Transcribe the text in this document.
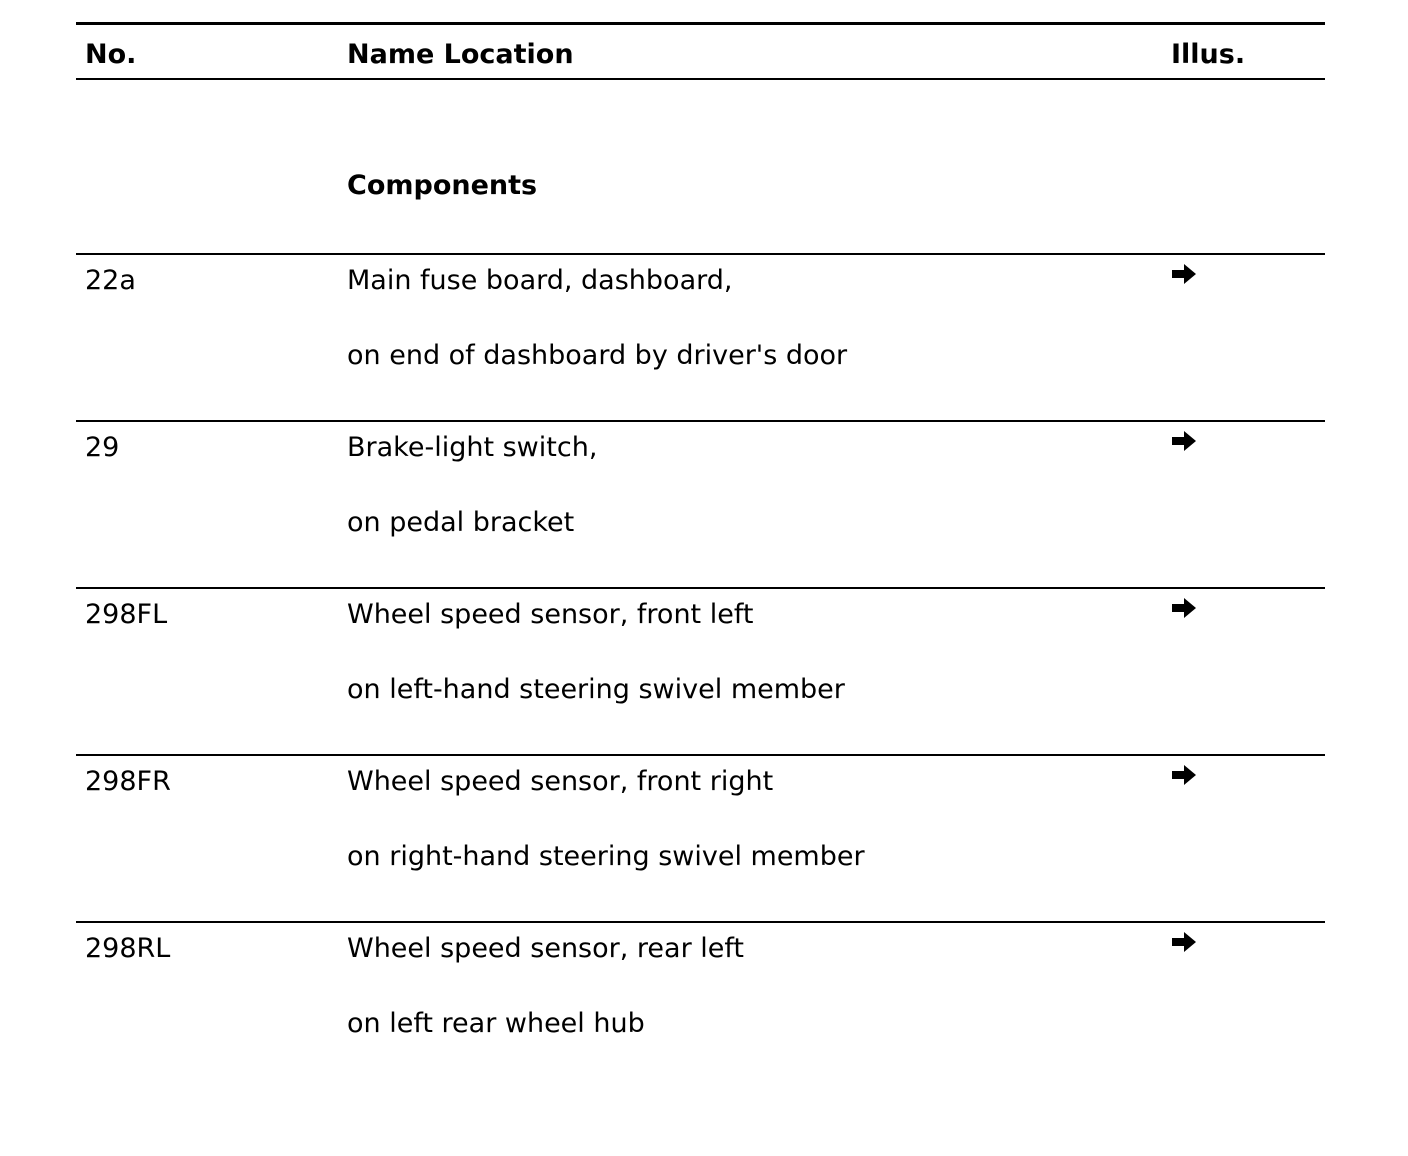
No.	Name Location	Illus.
Components
22a	Main fuse board, dashboard,
on end of dashboard by driver's door
29	Brake-light switch,
on pedal bracket
298FL	Wheel speed sensor, front left
on left-hand steering swivel member
298FR	Wheel speed sensor, front right
on right-hand steering swivel member
298RL	Wheel speed sensor, rear left
on left rear wheel hub
